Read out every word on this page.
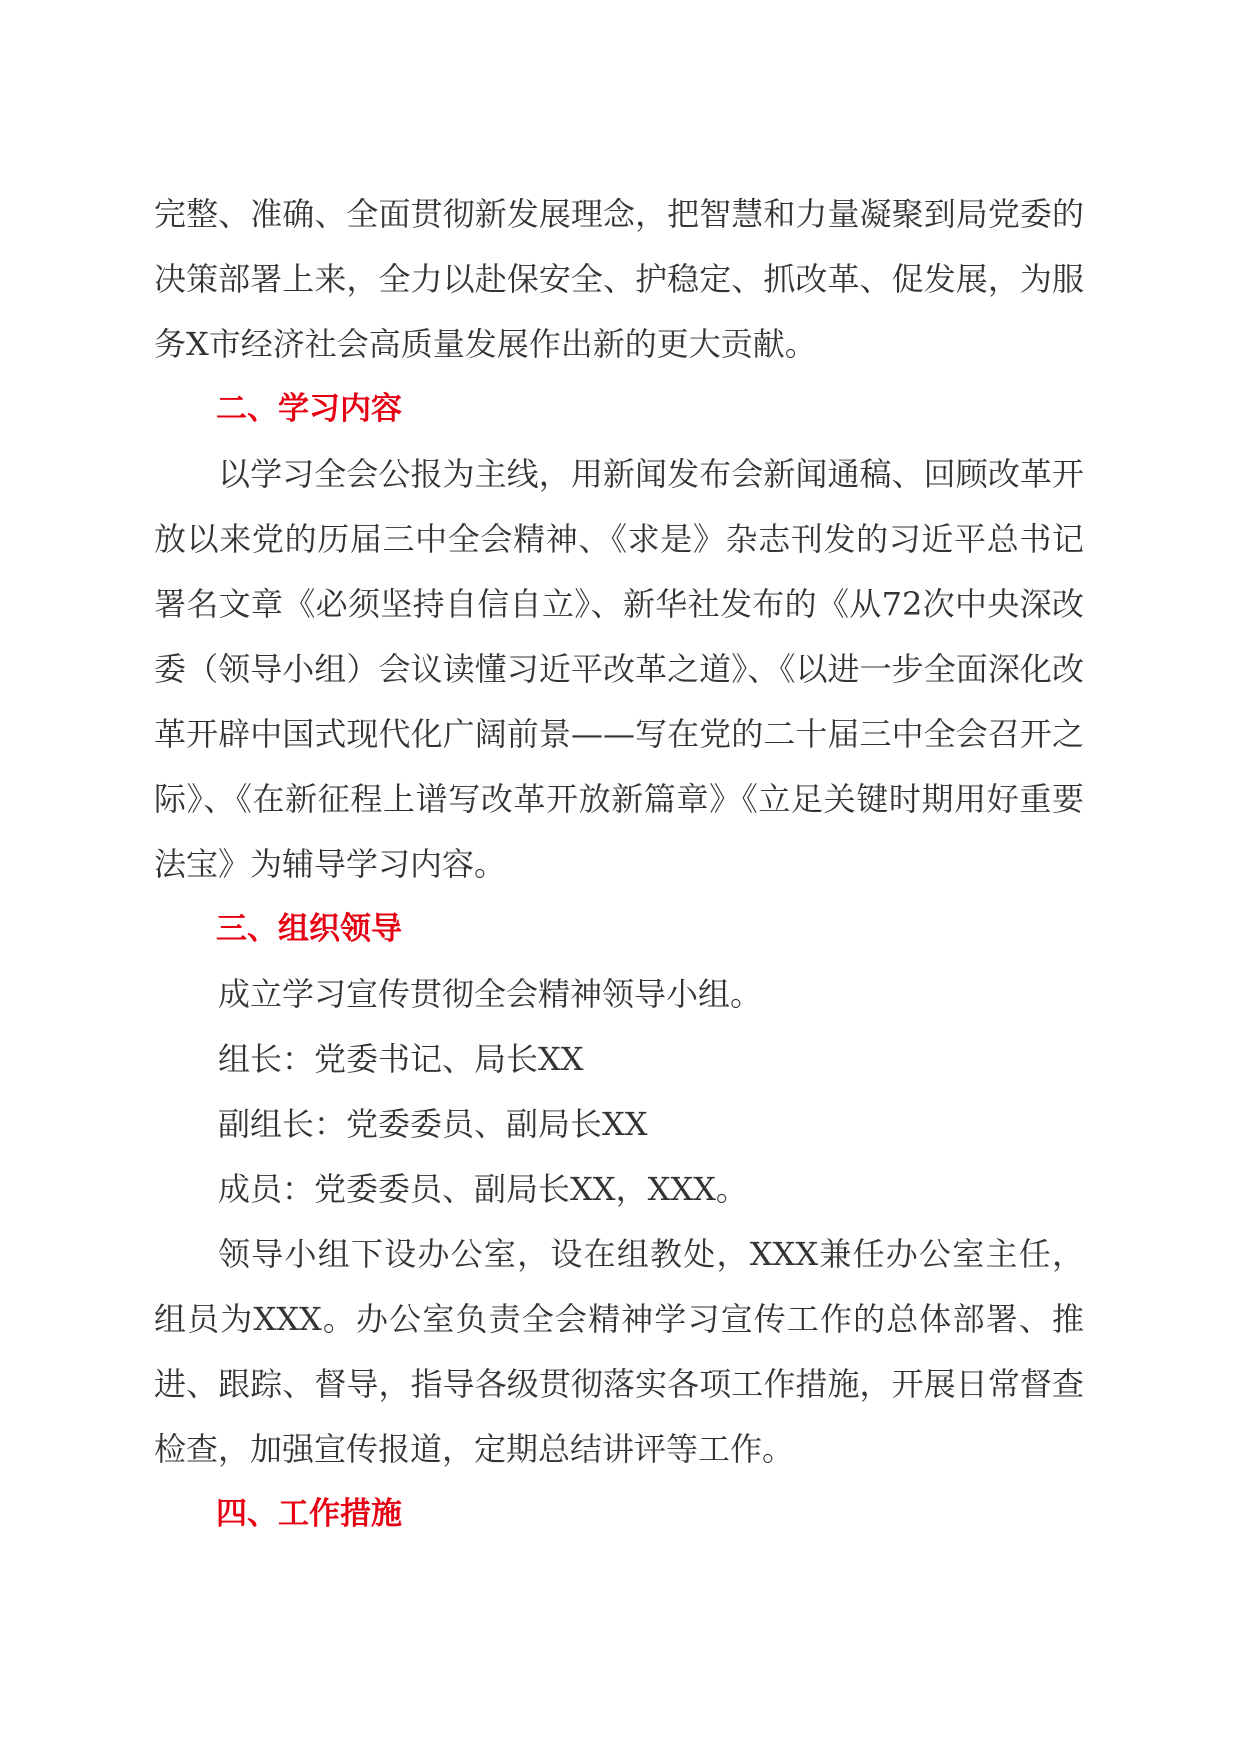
完整、准确、全面贯彻新发展理念，把智慧和力量凝聚到局党委的决策部署上来，全力以赴保安全、护稳定、抓改革、促发展，为服务X市经济社会高质量发展作出新的更大贡献。

二、学习内容

以学习全会公报为主线，用新闻发布会新闻通稿、回顾改革开放以来党的历届三中全会精神、《求是》杂志刊发的习近平总书记署名文章《必须坚持自信自立》、新华社发布的《从72次中央深改委（领导小组）会议读懂习近平改革之道》、《以进一步全面深化改革开辟中国式现代化广阔前景——写在党的二十届三中全会召开之际》、《在新征程上谱写改革开放新篇章》《立足关键时期用好重要法宝》为辅导学习内容。

三、组织领导

成立学习宣传贯彻全会精神领导小组。

组长：党委书记、局长XX

副组长：党委委员、副局长XX

成员：党委委员、副局长XX，XXX。

领导小组下设办公室，设在组教处，XXX兼任办公室主任，组员为XXX。办公室负责全会精神学习宣传工作的总体部署、推进、跟踪、督导，指导各级贯彻落实各项工作措施，开展日常督查检查，加强宣传报道，定期总结讲评等工作。

四、工作措施
